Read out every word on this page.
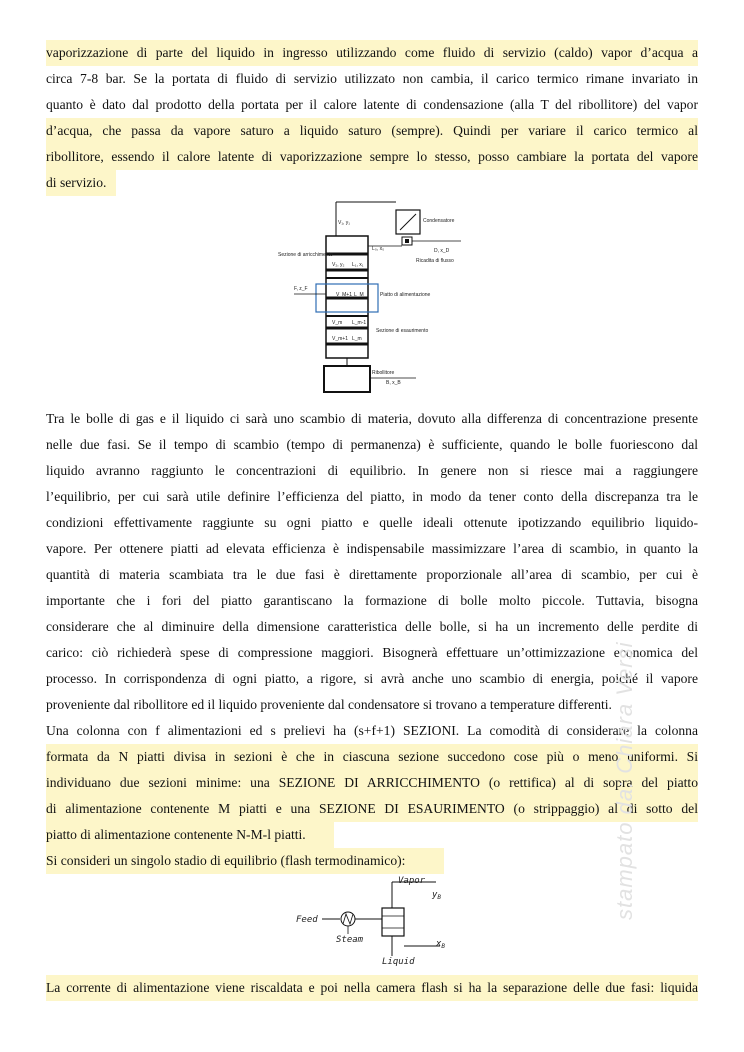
vaporizzazione di parte del liquido in ingresso utilizzando come fluido di servizio (caldo) vapor d’acqua a
circa 7-8 bar. Se la portata di fluido di servizio utilizzato non cambia, il carico termico rimane invariato in
quanto è dato dal prodotto della portata per il calore latente di condensazione (alla T del ribollitore) del vapor
d’acqua, che passa da vapore saturo a liquido saturo (sempre). Quindi per variare il carico termico al
ribollitore, essendo il calore latente di vaporizzazione sempre lo stesso, posso cambiare la portata del vapore
di servizio.
V₁, y₁	Condensatore
L₀, x₀	D, x_D
Ricadita di flusso
Sezione di arricchimento
V₂, y₂ L₁, x₁
F, z_F
V_M+1 L_M	Piatto di alimentazione
V_m L_m-1
Sezione di esaurimento
V_m+1 L_m
Ribollitore
B, x_B
Tra le bolle di gas e il liquido ci sarà uno scambio di materia, dovuto alla differenza di concentrazione presente
nelle due fasi. Se il tempo di scambio (tempo di permanenza) è sufficiente, quando le bolle fuoriescono dal
liquido avranno raggiunto le concentrazioni di equilibrio. In genere non si riesce mai a raggiungere
l’equilibrio, per cui sarà utile definire l’efficienza del piatto, in modo da tener conto della discrepanza tra le
condizioni effettivamente raggiunte su ogni piatto e quelle ideali ottenute ipotizzando equilibrio liquido-
vapore. Per ottenere piatti ad elevata efficienza è indispensabile massimizzare l’area di scambio, in quanto la
quantità di materia scambiata tra le due fasi è direttamente proporzionale all’area di scambio, per cui è
importante che i fori del piatto garantiscano la formazione di bolle molto piccole. Tuttavia, bisogna
considerare che al diminuire della dimensione caratteristica delle bolle, si ha un incremento delle perdite di
carico: ciò richiederà spese di compressione maggiori. Bisognerà effettuare un’ottimizzazione economica del
processo. In corrispondenza di ogni piatto, a rigore, si avrà anche uno scambio di energia, poiché il vapore
proveniente dal ribollitore ed il liquido proveniente dal condensatore si trovano a temperature differenti.
Una colonna con f alimentazioni ed s prelievi ha (s+f+1) SEZIONI. La comodità di considerare la colonna
formata da N piatti divisa in sezioni è che in ciascuna sezione succedono cose più o meno uniformi. Si
individuano due sezioni minime: una SEZIONE DI ARRICCHIMENTO (o rettifica) al di sopra del piatto
di alimentazione contenente M piatti e una SEZIONE DI ESAURIMENTO (o strippaggio) al di sotto del
piatto di alimentazione contenente N-M-l piatti.
Si consideri un singolo stadio di equilibrio (flash termodinamico):
Vapor
$y_B$
Feed
Steam	$x_B$
Liquid
La corrente di alimentazione viene riscaldata e poi nella camera flash si ha la separazione delle due fasi: liquida
stampato da: Chiara Versi
